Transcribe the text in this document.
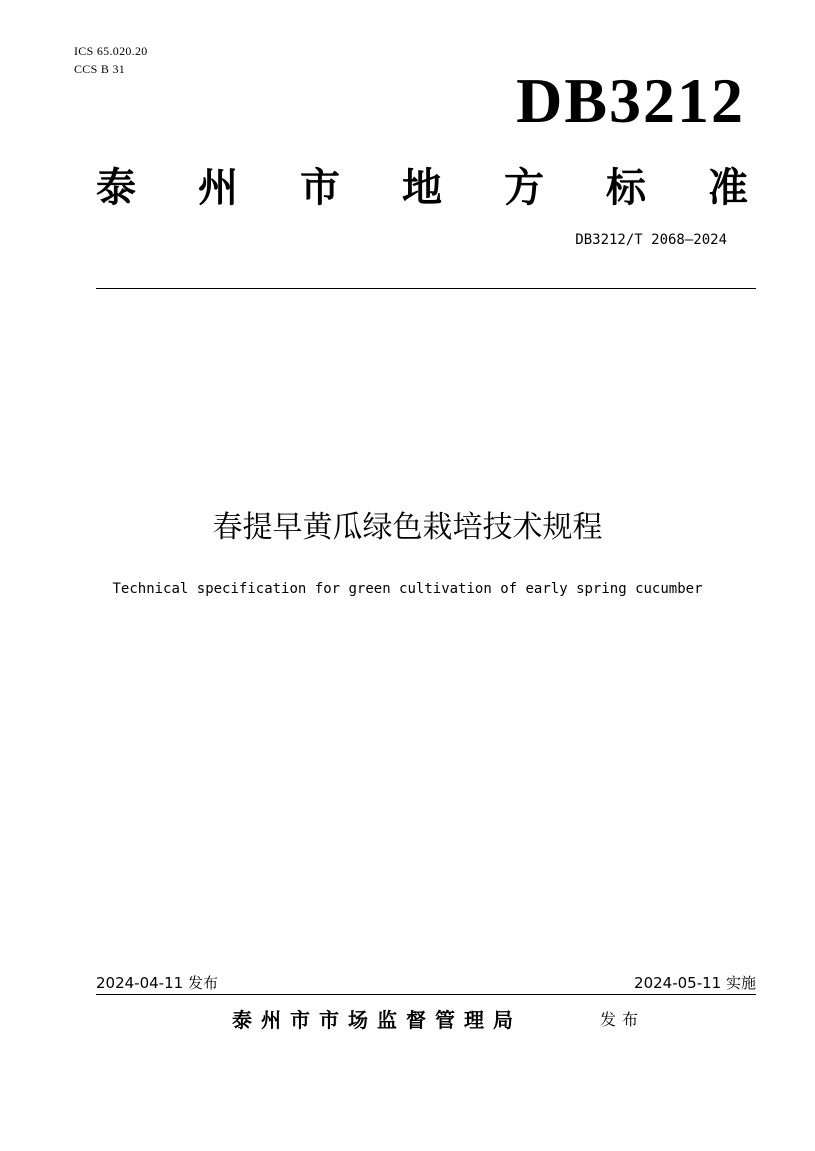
ICS 65.020.20
CCS B 31	DB3212
泰 州 市 地 方 标 准
DB3212/T 2068—2024
春提早黄瓜绿色栽培技术规程
Technical specification for green cultivation of early spring cucumber
2024-04-11 发布	2024-05-11 实施
泰州市市场监督管理局	发布
